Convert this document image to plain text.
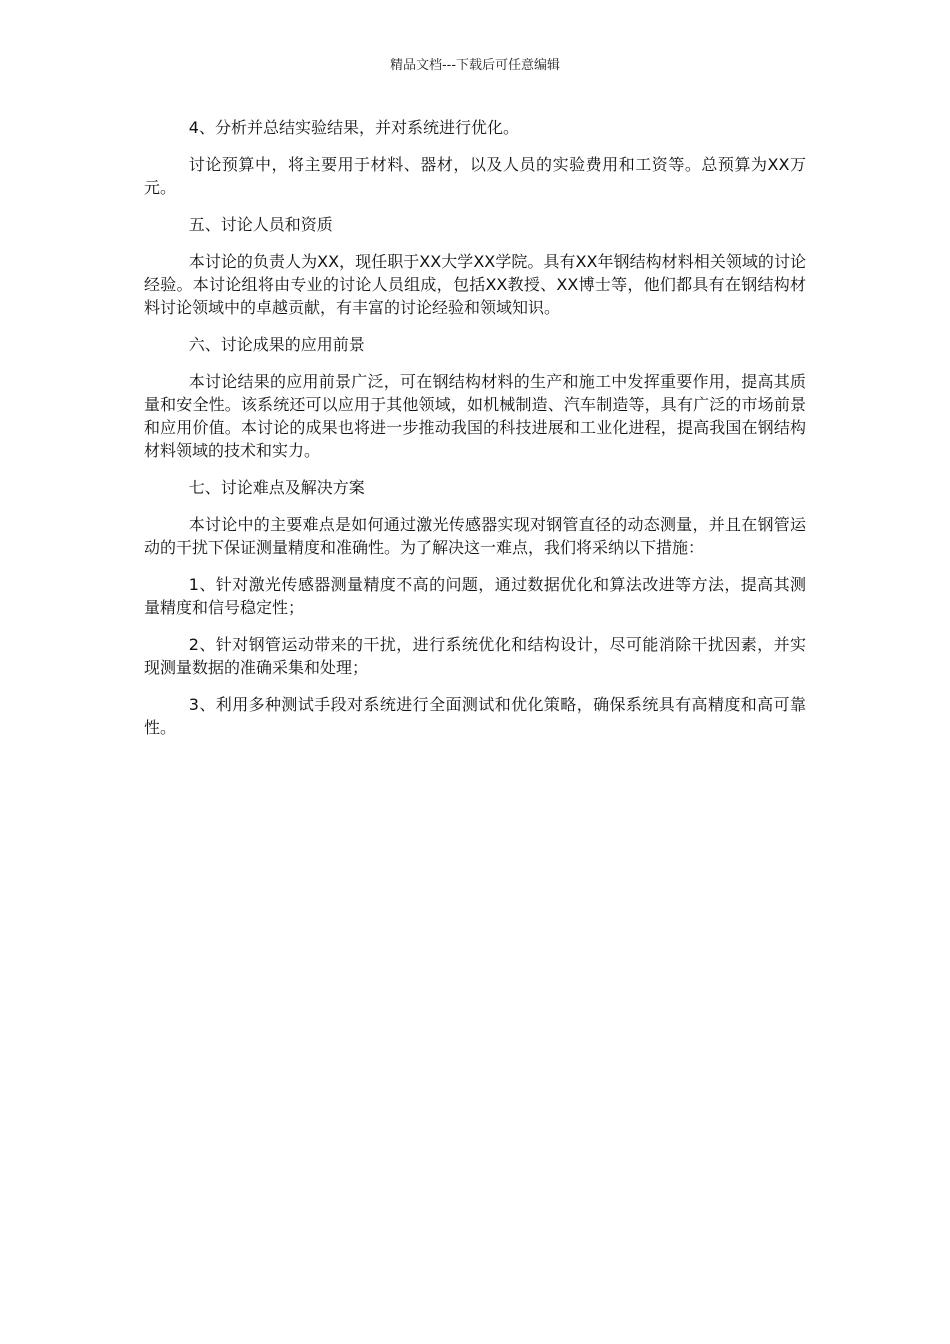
精品文档---下载后可任意编辑

4、分析并总结实验结果，并对系统进行优化。

讨论预算中，将主要用于材料、器材，以及人员的实验费用和工资等。总预算为XX万元。

五、讨论人员和资质

本讨论的负责人为XX，现任职于XX大学XX学院。具有XX年钢结构材料相关领域的讨论经验。本讨论组将由专业的讨论人员组成，包括XX教授、XX博士等，他们都具有在钢结构材料讨论领域中的卓越贡献，有丰富的讨论经验和领域知识。

六、讨论成果的应用前景

本讨论结果的应用前景广泛，可在钢结构材料的生产和施工中发挥重要作用，提高其质量和安全性。该系统还可以应用于其他领域，如机械制造、汽车制造等，具有广泛的市场前景和应用价值。本讨论的成果也将进一步推动我国的科技进展和工业化进程，提高我国在钢结构材料领域的技术和实力。

七、讨论难点及解决方案

本讨论中的主要难点是如何通过激光传感器实现对钢管直径的动态测量，并且在钢管运动的干扰下保证测量精度和准确性。为了解决这一难点，我们将采纳以下措施：

1、针对激光传感器测量精度不高的问题，通过数据优化和算法改进等方法，提高其测量精度和信号稳定性；

2、针对钢管运动带来的干扰，进行系统优化和结构设计，尽可能消除干扰因素，并实现测量数据的准确采集和处理；

3、利用多种测试手段对系统进行全面测试和优化策略，确保系统具有高精度和高可靠性。
